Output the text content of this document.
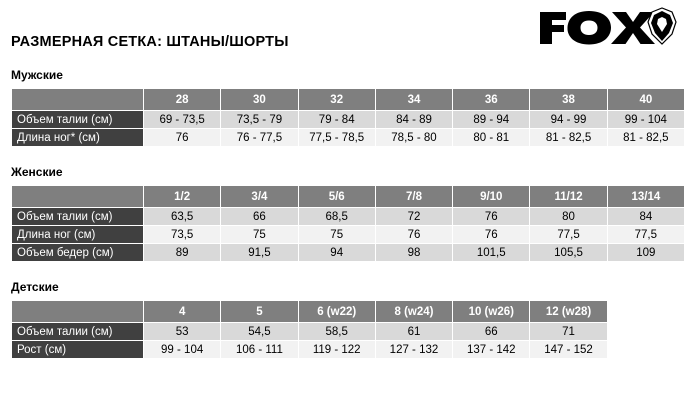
РАЗМЕРНАЯ СЕТКА: ШТАНЫ/ШОРТЫ
Мужские
	28	30	32	34	36	38	40
Объем талии (см)	69 - 73,5	73,5 - 79	79 - 84	84 - 89	89 - 94	94 - 99	99 - 104
Длина ног* (см)	76	76 - 77,5	77,5 - 78,5	78,5 - 80	80 - 81	81 - 82,5	81 - 82,5
Женские
	1/2	3/4	5/6	7/8	9/10	11/12	13/14
Объем талии (см)	63,5	66	68,5	72	76	80	84
Длина ног (см)	73,5	75	75	76	76	77,5	77,5
Объем бедер (см)	89	91,5	94	98	101,5	105,5	109
Детские
	4	5	6 (w22)	8 (w24)	10 (w26)	12 (w28)	
Объем талии (см)	53	54,5	58,5	61	66	71	
Рост (см)	99 - 104	106 - 111	119 - 122	127 - 132	137 - 142	147 - 152	
